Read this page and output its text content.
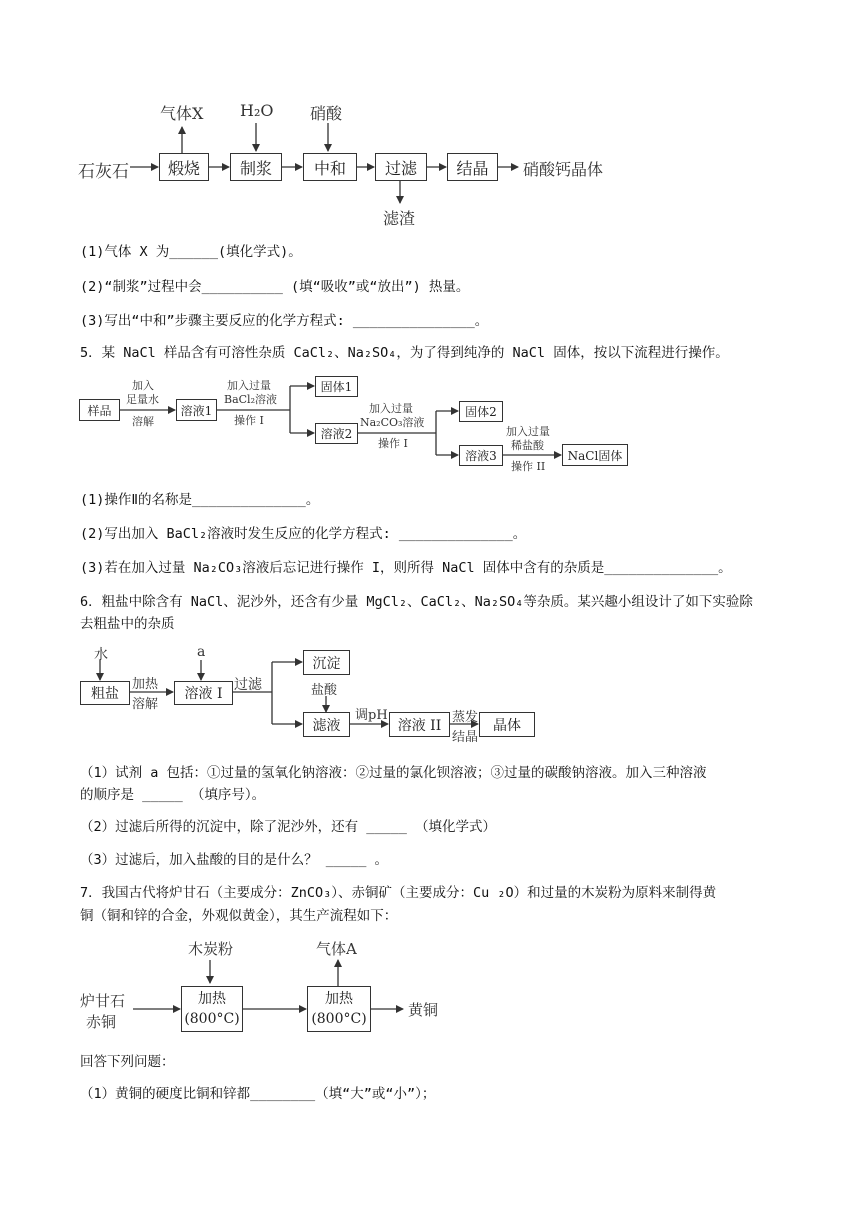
气体X H₂O 硝酸
石灰石	煅烧	制浆	中和	过滤	结晶	硝酸钙晶体
滤渣
(1)气体 X 为______(填化学式)。
(2)“制浆”过程中会__________ (填“吸收”或“放出”) 热量。
(3)写出“中和”步骤主要反应的化学方程式: _______________。
5．某 NaCl 样品含有可溶性杂质 CaCl₂、Na₂SO₄，为了得到纯净的 NaCl 固体，按以下流程进行操作。
样品
加入
足量水
溶解
溶液1
加入过量
BaCl₂溶液
操作 I
固体1
溶液2
加入过量
Na₂CO₃溶液
操作 I
固体2
溶液3
加入过量
稀盐酸
操作 II
NaCl固体
(1)操作Ⅱ的名称是______________。
(2)写出加入 BaCl₂溶液时发生反应的化学方程式: ______________。
(3)若在加入过量 Na₂CO₃溶液后忘记进行操作 I，则所得 NaCl 固体中含有的杂质是______________。
6．粗盐中除含有 NaCl、泥沙外，还含有少量 MgCl₂、CaCl₂、Na₂SO₄等杂质。某兴趣小组设计了如下实验除
去粗盐中的杂质
水	a
粗盐
加热
溶解
溶液 I
过滤
沉淀
盐酸
滤液
调pH
溶液 II 蒸发
结晶
晶体
（1）试剂 a 包括：①过量的氢氧化钠溶液：②过量的氯化钡溶液；③过量的碳酸钠溶液。加入三种溶液
的顺序是 _____ （填序号）。
（2）过滤后所得的沉淀中，除了泥沙外，还有 _____ （填化学式）
（3）过滤后，加入盐酸的目的是什么？ _____ 。
7．我国古代将炉甘石（主要成分：ZnCO₃）、赤铜矿（主要成分：Cu ₂O）和过量的木炭粉为原料来制得黄
铜（铜和锌的合金，外观似黄金），其生产流程如下：
木炭粉	气体A
炉甘石
赤铜
加热
(800°C)
加热
(800°C)	黄铜
回答下列问题：
（1）黄铜的硬度比铜和锌都________（填“大”或“小”）；
